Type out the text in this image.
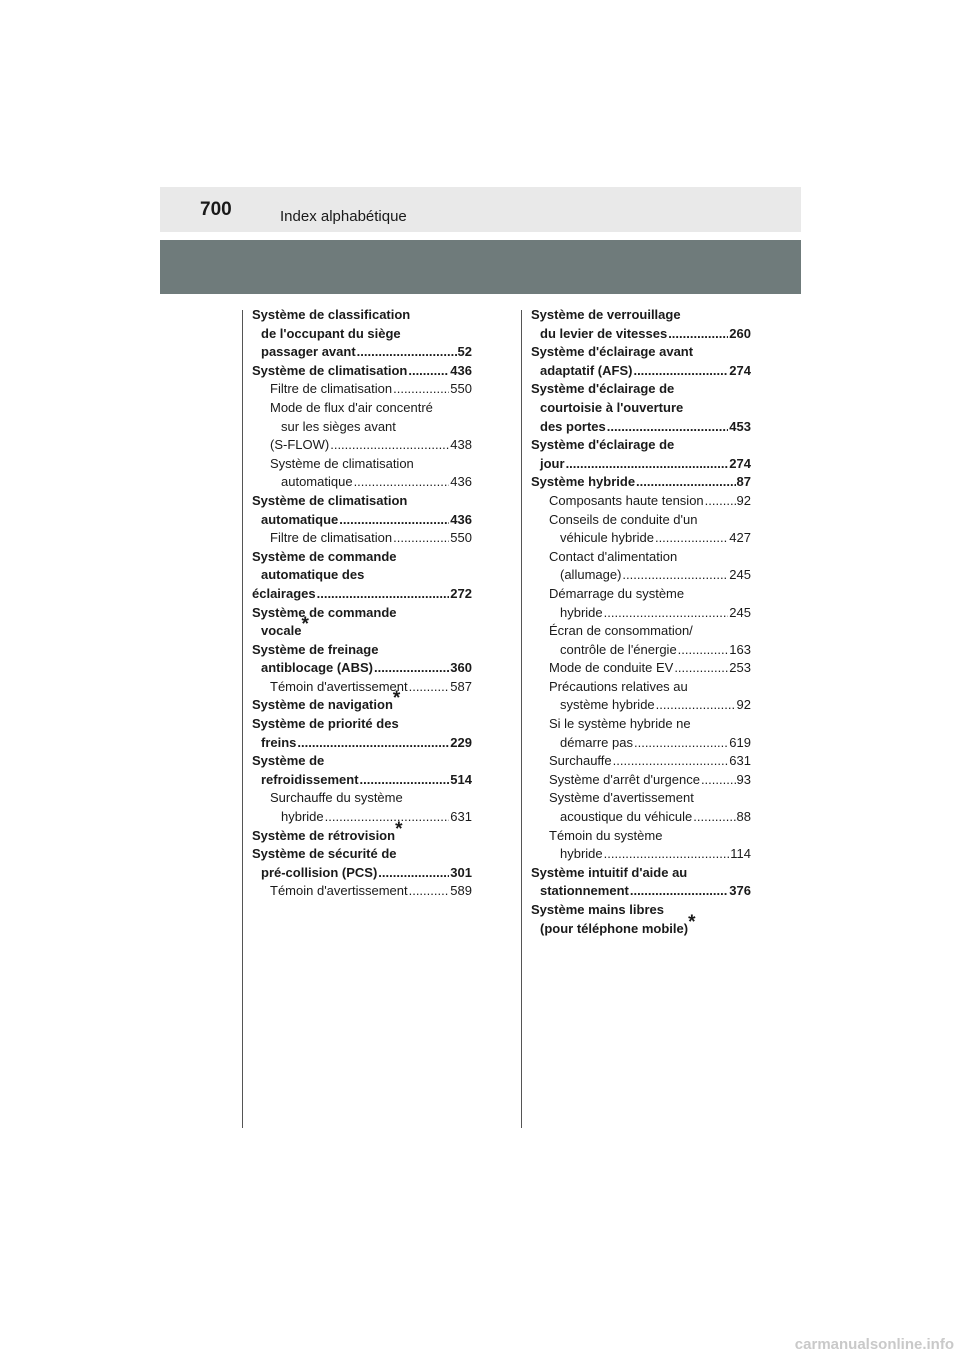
700	Index alphabétique
Système de classification
de l'occupant du siège
passager avant .....	52
Système de climatisation .....	436
Filtre de climatisation .....	550
Mode de flux d'air concentré
sur les sièges avant
(S-FLOW) .....	438
Système de climatisation
automatique .....	436
Système de climatisation
automatique .....	436
Filtre de climatisation .....	550
Système de commande
automatique des
éclairages .....	272
Système de commande
vocale*
Système de freinage
antiblocage (ABS) .....	360
Témoin d'avertissement .....	587
Système de navigation*
Système de priorité des
freins .....	229
Système de
refroidissement .....	514
Surchauffe du système
hybride .....	631
Système de rétrovision*
Système de sécurité de
pré-collision (PCS) .....	301
Témoin d'avertissement .....	589
Système de verrouillage
du levier de vitesses .....	260
Système d'éclairage avant
adaptatif (AFS) .....	274
Système d'éclairage de
courtoisie à l'ouverture
des portes .....	453
Système d'éclairage de
jour .....	274
Système hybride .....	87
Composants haute tension .....	92
Conseils de conduite d'un
véhicule hybride .....	427
Contact d'alimentation
(allumage) .....	245
Démarrage du système
hybride .....	245
Écran de consommation/
contrôle de l'énergie .....	163
Mode de conduite EV .....	253
Précautions relatives au
système hybride .....	92
Si le système hybride ne
démarre pas .....	619
Surchauffe .....	631
Système d'arrêt d'urgence .....	93
Système d'avertissement
acoustique du véhicule .....	88
Témoin du système
hybride .....	114
Système intuitif d'aide au
stationnement .....	376
Système mains libres
(pour téléphone mobile)*
carmanualsonline.info
